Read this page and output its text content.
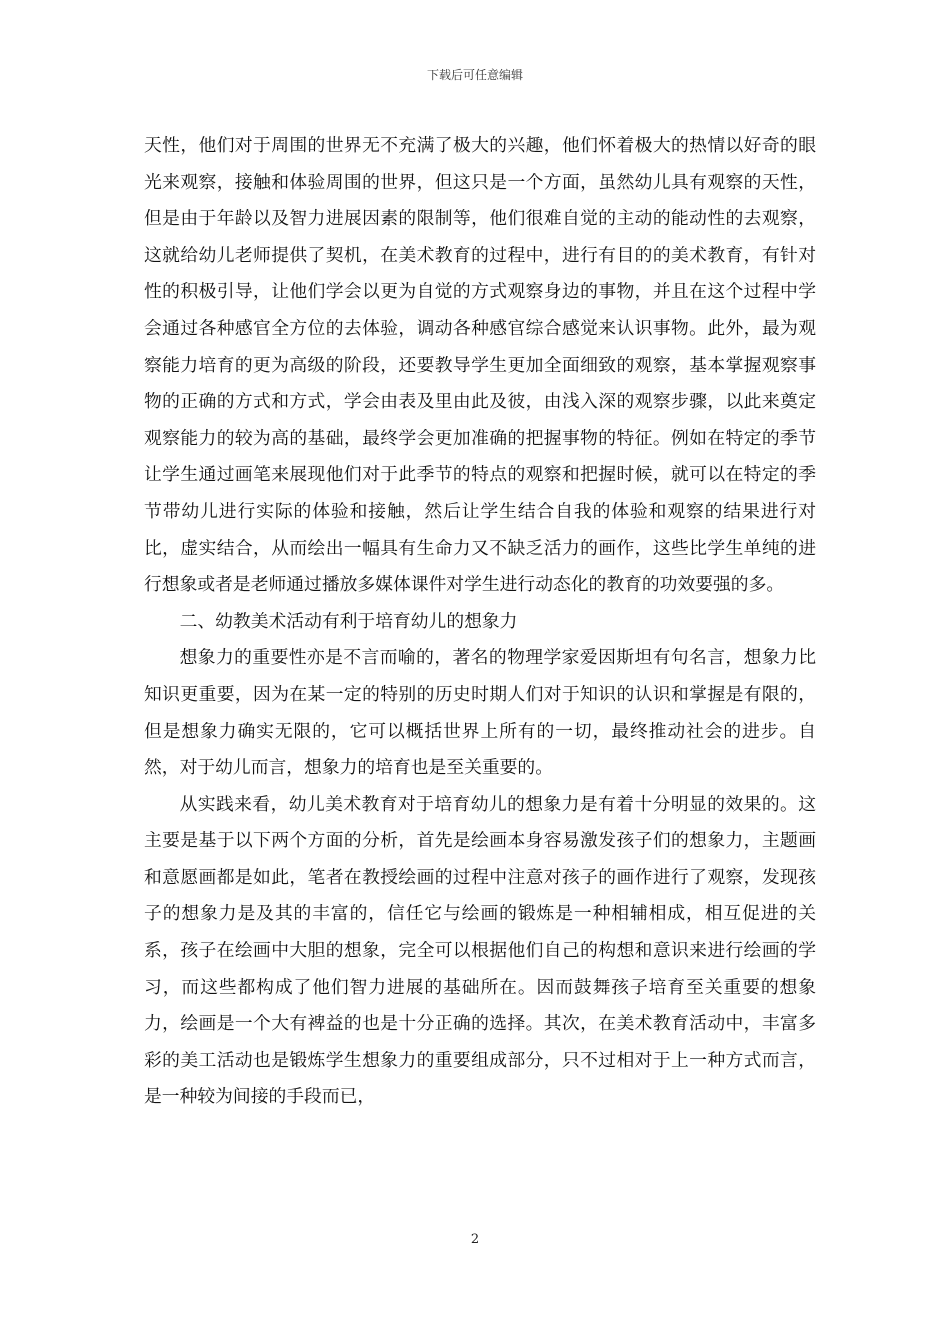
下载后可任意编辑

天性，他们对于周围的世界无不充满了极大的兴趣，他们怀着极大的热情以好奇的眼光来观察，接触和体验周围的世界，但这只是一个方面，虽然幼儿具有观察的天性，但是由于年龄以及智力进展因素的限制等，他们很难自觉的主动的能动性的去观察，这就给幼儿老师提供了契机，在美术教育的过程中，进行有目的的美术教育，有针对性的积极引导，让他们学会以更为自觉的方式观察身边的事物，并且在这个过程中学会通过各种感官全方位的去体验，调动各种感官综合感觉来认识事物。此外，最为观察能力培育的更为高级的阶段，还要教导学生更加全面细致的观察，基本掌握观察事物的正确的方式和方式，学会由表及里由此及彼，由浅入深的观察步骤，以此来奠定观察能力的较为高的基础，最终学会更加准确的把握事物的特征。例如在特定的季节让学生通过画笔来展现他们对于此季节的特点的观察和把握时候，就可以在特定的季节带幼儿进行实际的体验和接触，然后让学生结合自我的体验和观察的结果进行对比，虚实结合，从而绘出一幅具有生命力又不缺乏活力的画作，这些比学生单纯的进行想象或者是老师通过播放多媒体课件对学生进行动态化的教育的功效要强的多。

二、幼教美术活动有利于培育幼儿的想象力

想象力的重要性亦是不言而喻的，著名的物理学家爱因斯坦有句名言，想象力比知识更重要，因为在某一定的特别的历史时期人们对于知识的认识和掌握是有限的，但是想象力确实无限的，它可以概括世界上所有的一切，最终推动社会的进步。自然，对于幼儿而言，想象力的培育也是至关重要的。

从实践来看，幼儿美术教育对于培育幼儿的想象力是有着十分明显的效果的。这主要是基于以下两个方面的分析，首先是绘画本身容易激发孩子们的想象力，主题画和意愿画都是如此，笔者在教授绘画的过程中注意对孩子的画作进行了观察，发现孩子的想象力是及其的丰富的，信任它与绘画的锻炼是一种相辅相成，相互促进的关系，孩子在绘画中大胆的想象，完全可以根据他们自己的构想和意识来进行绘画的学习，而这些都构成了他们智力进展的基础所在。因而鼓舞孩子培育至关重要的想象力，绘画是一个大有裨益的也是十分正确的选择。其次，在美术教育活动中，丰富多彩的美工活动也是锻炼学生想象力的重要组成部分，只不过相对于上一种方式而言，是一种较为间接的手段而已，

2
